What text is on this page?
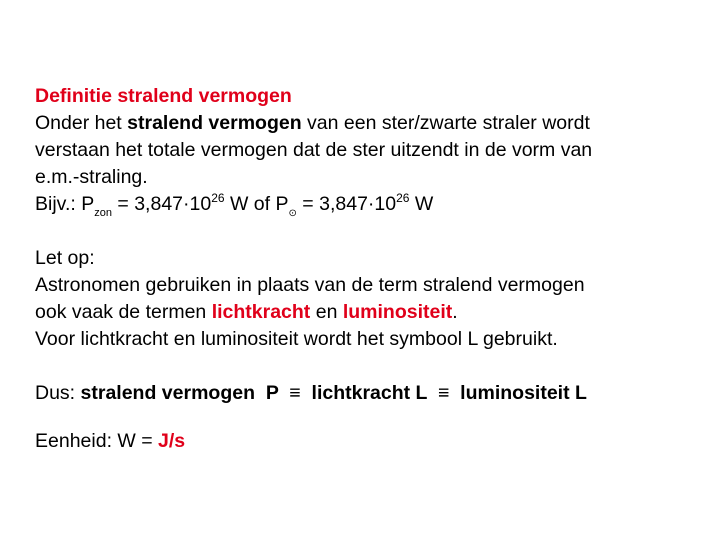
Definitie stralend vermogen
Onder het stralend vermogen van een ster/zwarte straler wordt
verstaan het totale vermogen dat de ster uitzendt in de vorm van
e.m.-straling.
Bijv.: $P_{zon} = 3,847\cdot 10^{26}$ W of $P_⊙ = 3,847\cdot 10^{26}$ W
Let op:
Astronomen gebruiken in plaats van de term stralend vermogen
ook vaak de termen lichtkracht en luminositeit.
Voor lichtkracht en luminositeit wordt het symbool L gebruikt.
Dus: stralend vermogen  P  ≡  lichtkracht L  ≡  luminositeit L
Eenheid: W = J/s
